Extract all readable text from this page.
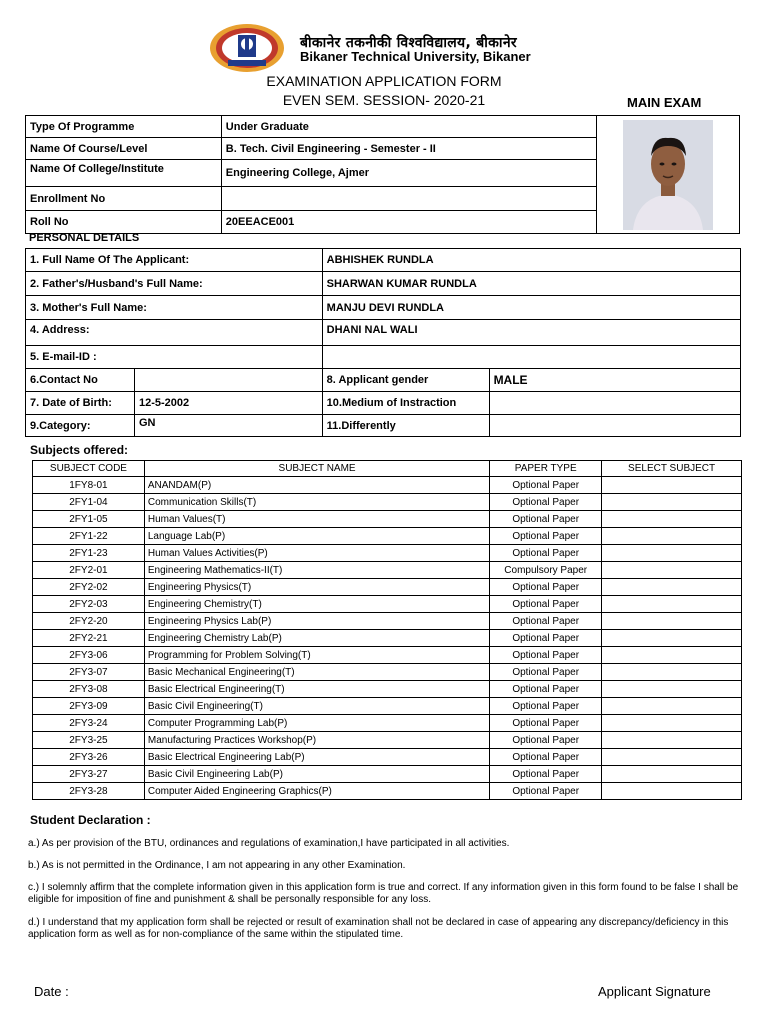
बीकानेर तकनीकी विश्वविद्यालय, बीकानेर
Bikaner Technical University, Bikaner
EXAMINATION APPLICATION FORM
EVEN SEM. SESSION- 2020-21	MAIN EXAM
Type Of Programme	Under Graduate	

Name Of Course/Level	B. Tech. Civil Engineering - Semester - II	
Name Of College/Institute	Engineering College, Ajmer	
Enrollment No		
Roll No	20EEACE001	
PERSONAL DETAILS
1. Full Name Of The Applicant:		ABHISHEK RUNDLA	
2. Father's/Husband's Full Name:		SHARWAN KUMAR RUNDLA	
3. Mother's Full Name:		MANJU DEVI RUNDLA	
4. Address:		DHANI NAL WALI	
5. E-mail-ID :			
6.Contact No		8. Applicant gender	MALE
7. Date of Birth:	12-5-2002	10.Medium of Instraction	
9.Category:	GN	11.Differently	
Subjects offered:
SUBJECT CODE	SUBJECT NAME	PAPER TYPE	SELECT SUBJECT
1FY8-01	ANANDAM(P)	Optional Paper	
2FY1-04	Communication Skills(T)	Optional Paper	
2FY1-05	Human Values(T)	Optional Paper	
2FY1-22	Language Lab(P)	Optional Paper	
2FY1-23	Human Values Activities(P)	Optional Paper	
2FY2-01	Engineering Mathematics-II(T)	Compulsory Paper	
2FY2-02	Engineering Physics(T)	Optional Paper	
2FY2-03	Engineering Chemistry(T)	Optional Paper	
2FY2-20	Engineering Physics Lab(P)	Optional Paper	
2FY2-21	Engineering Chemistry Lab(P)	Optional Paper	
2FY3-06	Programming for Problem Solving(T)	Optional Paper	
2FY3-07	Basic Mechanical Engineering(T)	Optional Paper	
2FY3-08	Basic Electrical Engineering(T)	Optional Paper	
2FY3-09	Basic Civil Engineering(T)	Optional Paper	
2FY3-24	Computer Programming Lab(P)	Optional Paper	
2FY3-25	Manufacturing Practices Workshop(P)	Optional Paper	
2FY3-26	Basic Electrical Engineering Lab(P)	Optional Paper	
2FY3-27	Basic Civil Engineering Lab(P)	Optional Paper	
2FY3-28	Computer Aided Engineering Graphics(P)	Optional Paper	
Student Declaration :
a.) As per provision of the BTU, ordinances and regulations of examination,I have participated in all activities.
b.) As is not permitted in the Ordinance, I am not appearing in any other Examination.
c.) I solemnly affirm that the complete information given in this application form is true and correct. If any information given in this form found to be false I shall be eligible for imposition of fine and punishment & shall be personally responsible for any loss.
d.) I understand that my application form shall be rejected or result of examination shall not be declared in case of appearing any discrepancy/deficiency in this application form as well as for non-compliance of the same within the stipulated time.
Date :	Applicant Signature
